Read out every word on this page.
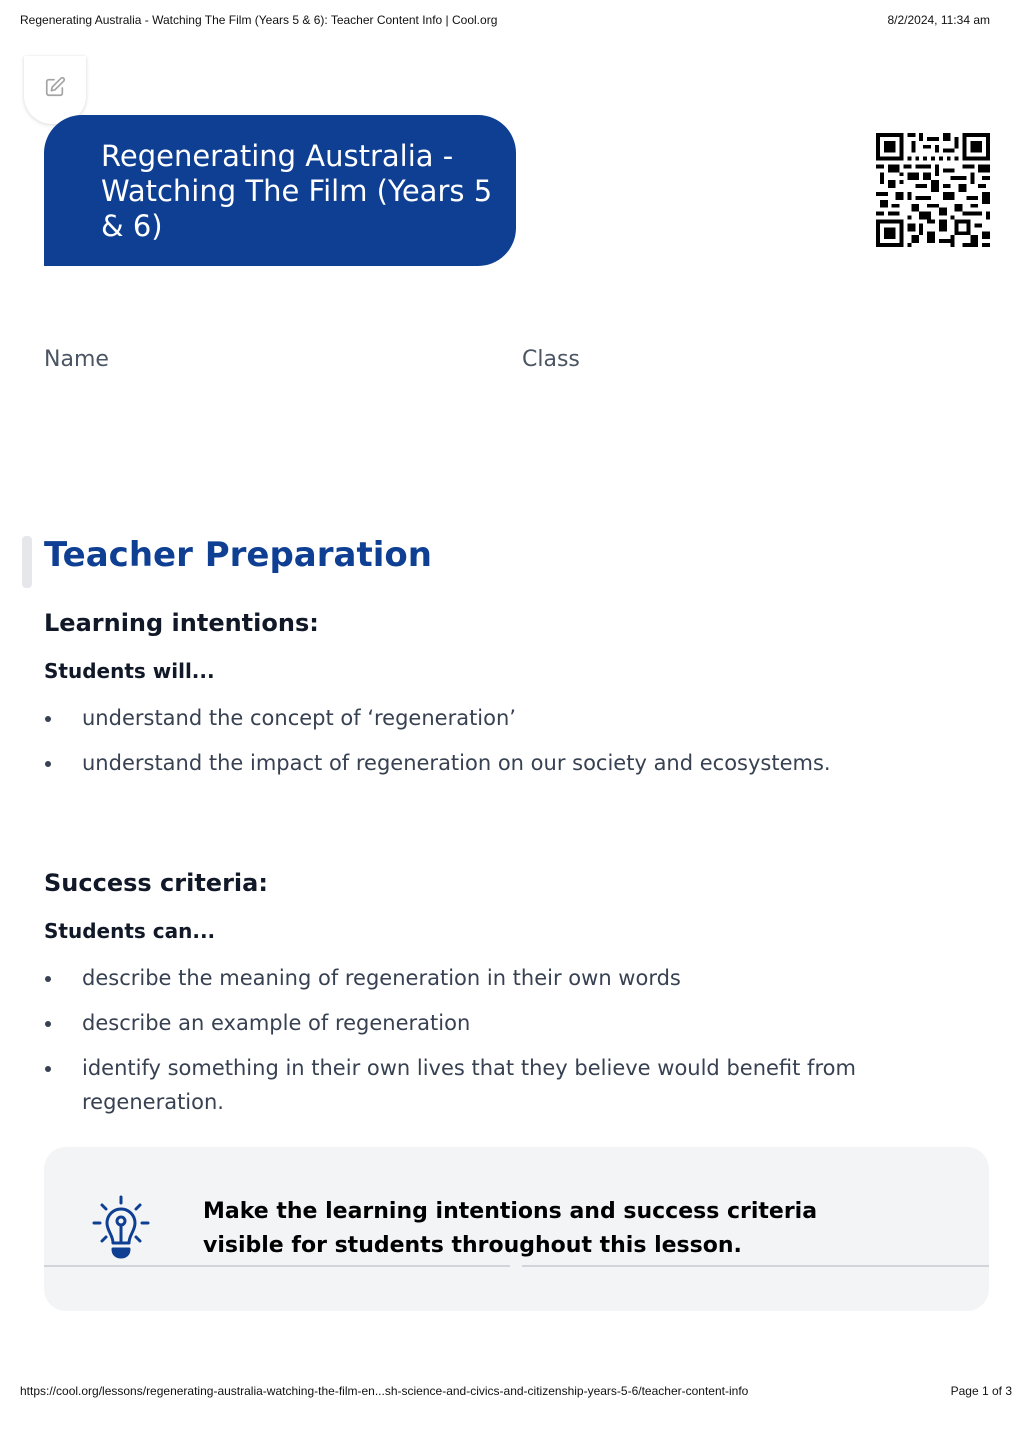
Regenerating Australia - Watching The Film (Years 5 & 6): Teacher Content Info | Cool.org	8/2/2024, 11:34 am
Regenerating Australia - Watching The Film (Years 5 & 6)
Name	Class
Teacher Preparation
Learning intentions:
Students will...
understand the concept of ‘regeneration’
understand the impact of regeneration on our society and ecosystems.
Success criteria:
Students can...
describe the meaning of regeneration in their own words
describe an example of regeneration
identify something in their own lives that they believe would benefit from regeneration.
Make the learning intentions and success criteria visible for students throughout this lesson.
https://cool.org/lessons/regenerating-australia-watching-the-film-en...sh-science-and-civics-and-citizenship-years-5-6/teacher-content-info	Page 1 of 3
